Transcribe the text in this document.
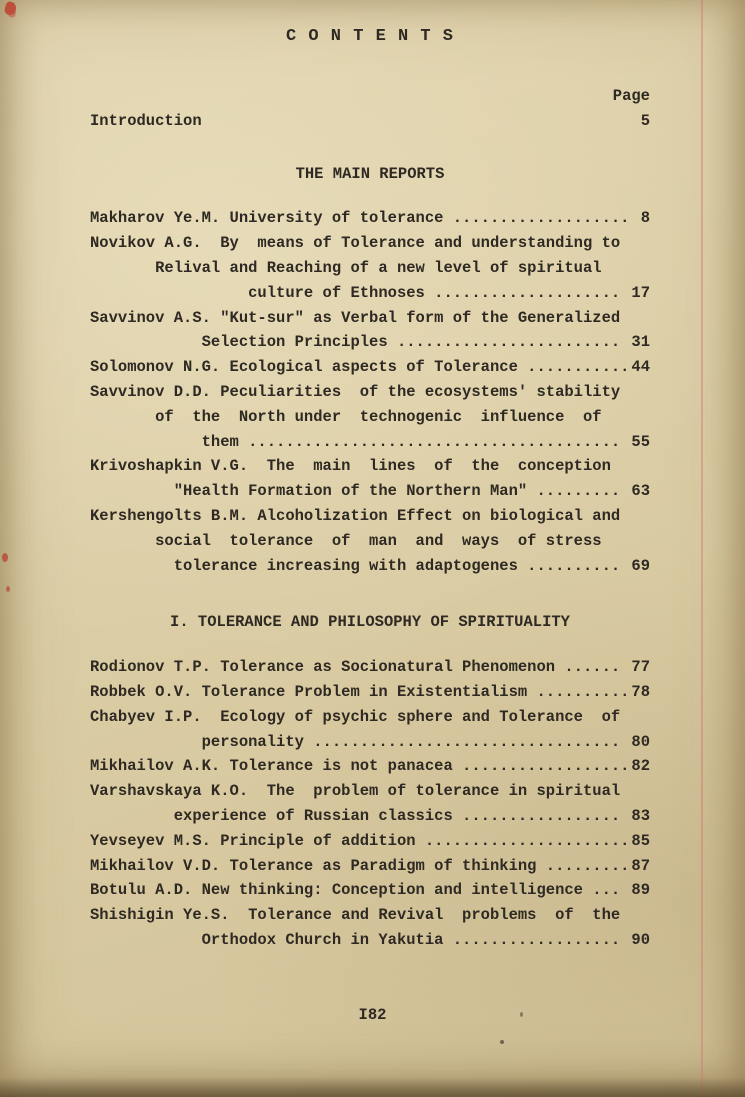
C O N T E N T S
Page
Introduction	5
THE MAIN REPORTS
Makharov Ye.M. University of tolerance ................... 8
Novikov A.G.  By  means of Tolerance and understanding to
Relival and Reaching of a new level of spiritual
culture of Ethnoses .................... 17
Savvinov A.S. "Kut-sur" as Verbal form of the Generalized
Selection Principles ........................ 31
Solomonov N.G. Ecological aspects of Tolerance ........... 44
Savvinov D.D. Peculiarities  of the ecosystems' stability
of  the  North under  technogenic  influence  of
them ........................................ 55
Krivoshapkin V.G.  The  main  lines  of  the  conception
"Health Formation of the Northern Man" ......... 63
Kershengolts B.M. Alcoholization Effect on biological and
social  tolerance  of  man  and  ways  of stress
tolerance increasing with adaptogenes .......... 69
I. TOLERANCE AND PHILOSOPHY OF SPIRITUALITY
Rodionov T.P. Tolerance as Socionatural Phenomenon ...... 77
Robbek O.V. Tolerance Problem in Existentialism .......... 78
Chabyev I.P.  Ecology of psychic sphere and Tolerance  of
personality ................................. 80
Mikhailov A.K. Tolerance is not panacea .................. 82
Varshavskaya K.O.  The  problem of tolerance in spiritual
experience of Russian classics ................. 83
Yevseyev M.S. Principle of addition ...................... 85
Mikhailov V.D. Tolerance as Paradigm of thinking ......... 87
Botulu A.D. New thinking: Conception and intelligence ... 89
Shishigin Ye.S.  Tolerance and Revival  problems  of  the
Orthodox Church in Yakutia .................. 90
I82
